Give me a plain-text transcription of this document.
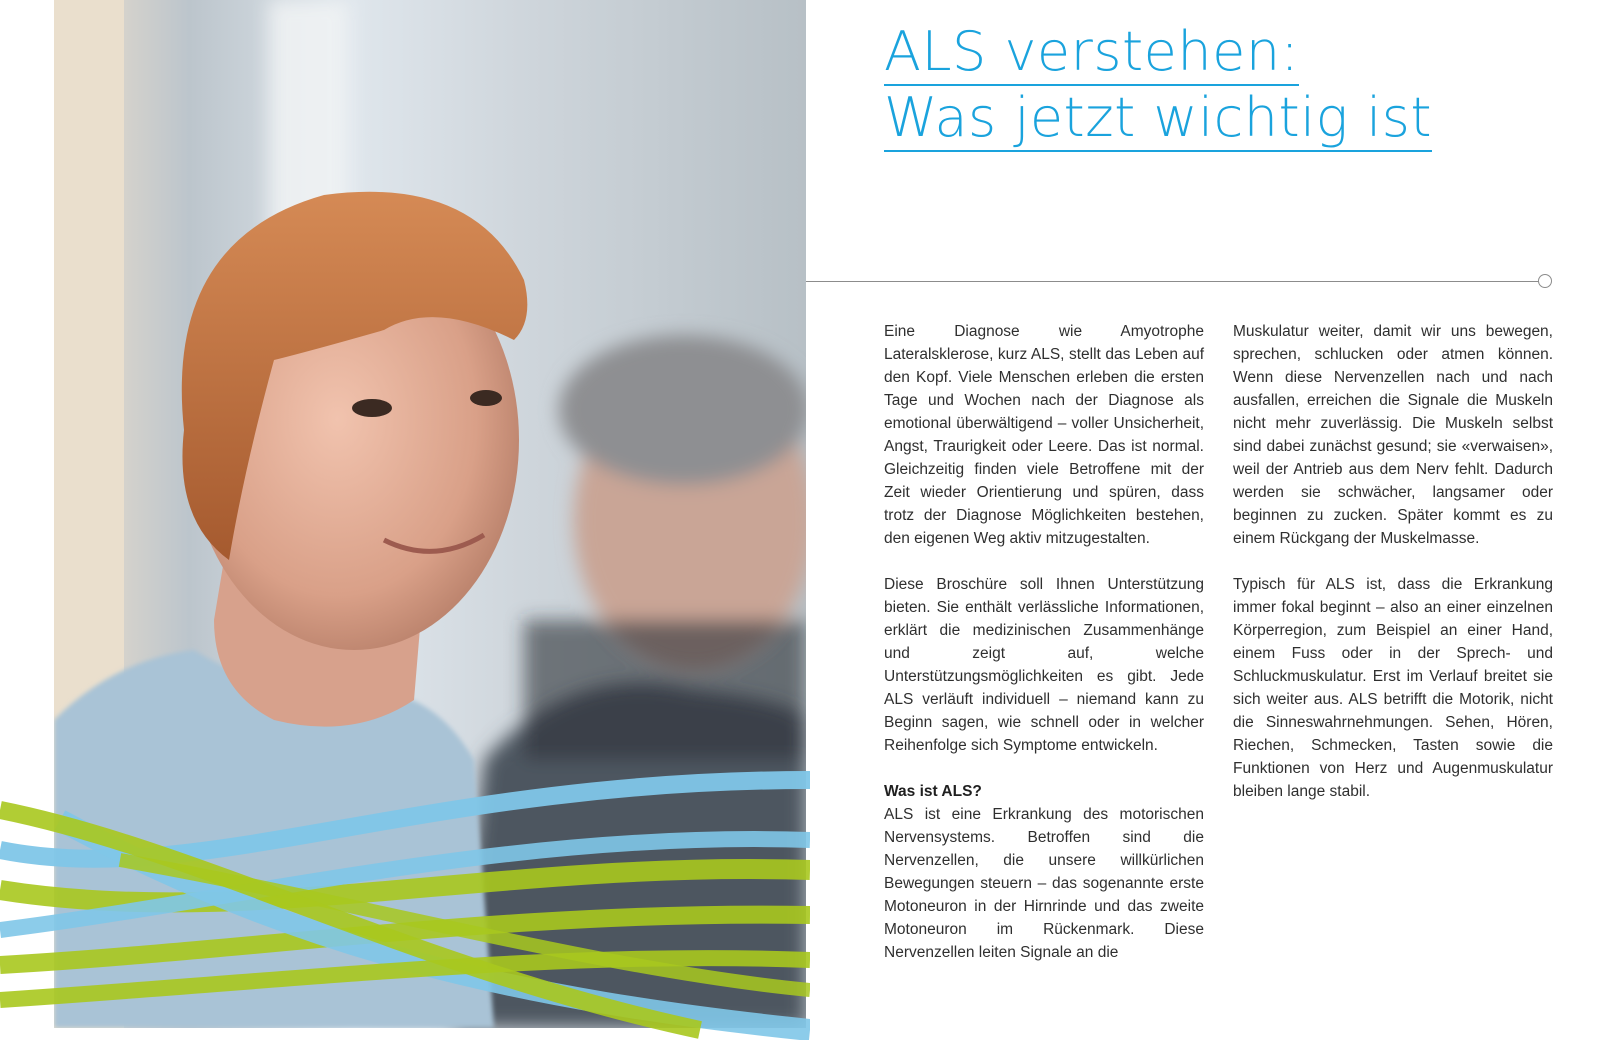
ALS verstehen:
Was jetzt wichtig ist

Eine Diagnose wie Amyotrophe Lateralsklerose, kurz ALS, stellt das Leben auf den Kopf. Viele Menschen erleben die ersten Tage und Wochen nach der Diagnose als emotional überwältigend – voller Unsicherheit, Angst, Traurigkeit oder Leere. Das ist normal. Gleichzeitig finden viele Betroffene mit der Zeit wieder Orientierung und spüren, dass trotz der Diagnose Möglichkeiten bestehen, den eigenen Weg aktiv mitzugestalten.

Diese Broschüre soll Ihnen Unterstützung bieten. Sie enthält verlässliche Informationen, erklärt die medizinischen Zusammenhänge und zeigt auf, welche Unterstützungsmöglichkeiten es gibt. Jede ALS verläuft individuell – niemand kann zu Beginn sagen, wie schnell oder in welcher Reihenfolge sich Symptome entwickeln.

Was ist ALS?

ALS ist eine Erkrankung des motorischen Nervensystems. Betroffen sind die Nervenzellen, die unsere willkürlichen Bewegungen steuern – das sogenannte erste Motoneuron in der Hirnrinde und das zweite Motoneuron im Rückenmark. Diese Nervenzellen leiten Signale an die

Muskulatur weiter, damit wir uns bewegen, sprechen, schlucken oder atmen können. Wenn diese Nervenzellen nach und nach ausfallen, erreichen die Signale die Muskeln nicht mehr zuverlässig. Die Muskeln selbst sind dabei zunächst gesund; sie «verwaisen», weil der Antrieb aus dem Nerv fehlt. Dadurch werden sie schwächer, langsamer oder beginnen zu zucken. Später kommt es zu einem Rückgang der Muskelmasse.

Typisch für ALS ist, dass die Erkrankung immer fokal beginnt – also an einer einzelnen Körperregion, zum Beispiel an einer Hand, einem Fuss oder in der Sprech- und Schluckmuskulatur. Erst im Verlauf breitet sie sich weiter aus. ALS betrifft die Motorik, nicht die Sinneswahrnehmungen. Sehen, Hören, Riechen, Schmecken, Tasten sowie die Funktionen von Herz und Augenmuskulatur bleiben lange stabil.
